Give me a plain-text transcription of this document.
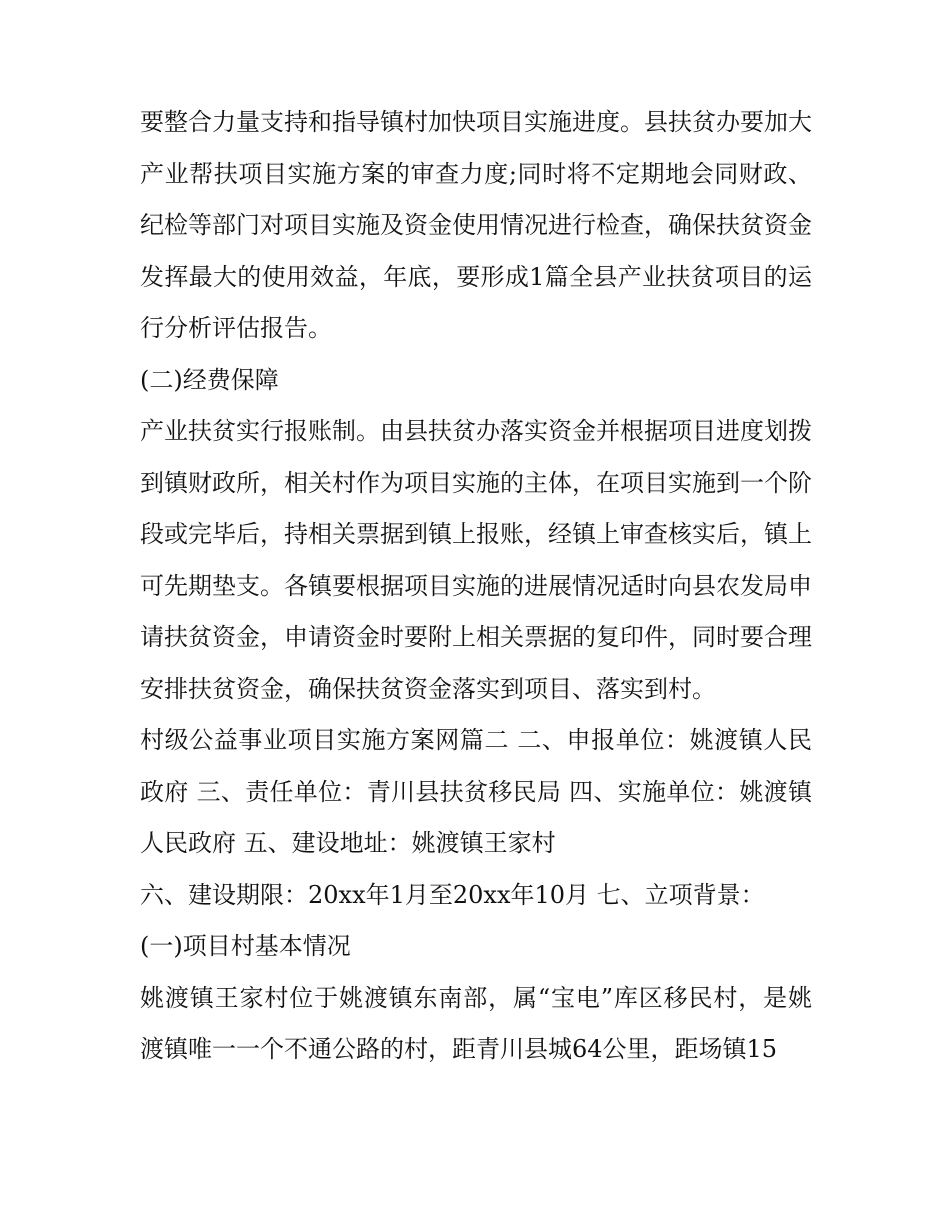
要整合力量支持和指导镇村加快项目实施进度。县扶贫办要加大产业帮扶项目实施方案的审查力度;同时将不定期地会同财政、纪检等部门对项目实施及资金使用情况进行检查，确保扶贫资金发挥最大的使用效益，年底，要形成1篇全县产业扶贫项目的运行分析评估报告。

(二)经费保障

产业扶贫实行报账制。由县扶贫办落实资金并根据项目进度划拨到镇财政所，相关村作为项目实施的主体，在项目实施到一个阶段或完毕后，持相关票据到镇上报账，经镇上审查核实后，镇上可先期垫支。各镇要根据项目实施的进展情况适时向县农发局申请扶贫资金，申请资金时要附上相关票据的复印件，同时要合理安排扶贫资金，确保扶贫资金落实到项目、落实到村。

村级公益事业项目实施方案网篇二 二、申报单位：姚渡镇人民政府 三、责任单位：青川县扶贫移民局 四、实施单位：姚渡镇人民政府 五、建设地址：姚渡镇王家村

六、建设期限：20xx年1月至20xx年10月 七、立项背景：

(一)项目村基本情况

姚渡镇王家村位于姚渡镇东南部，属“宝电”库区移民村，是姚渡镇唯一一个不通公路的村，距青川县城64公里，距场镇15
